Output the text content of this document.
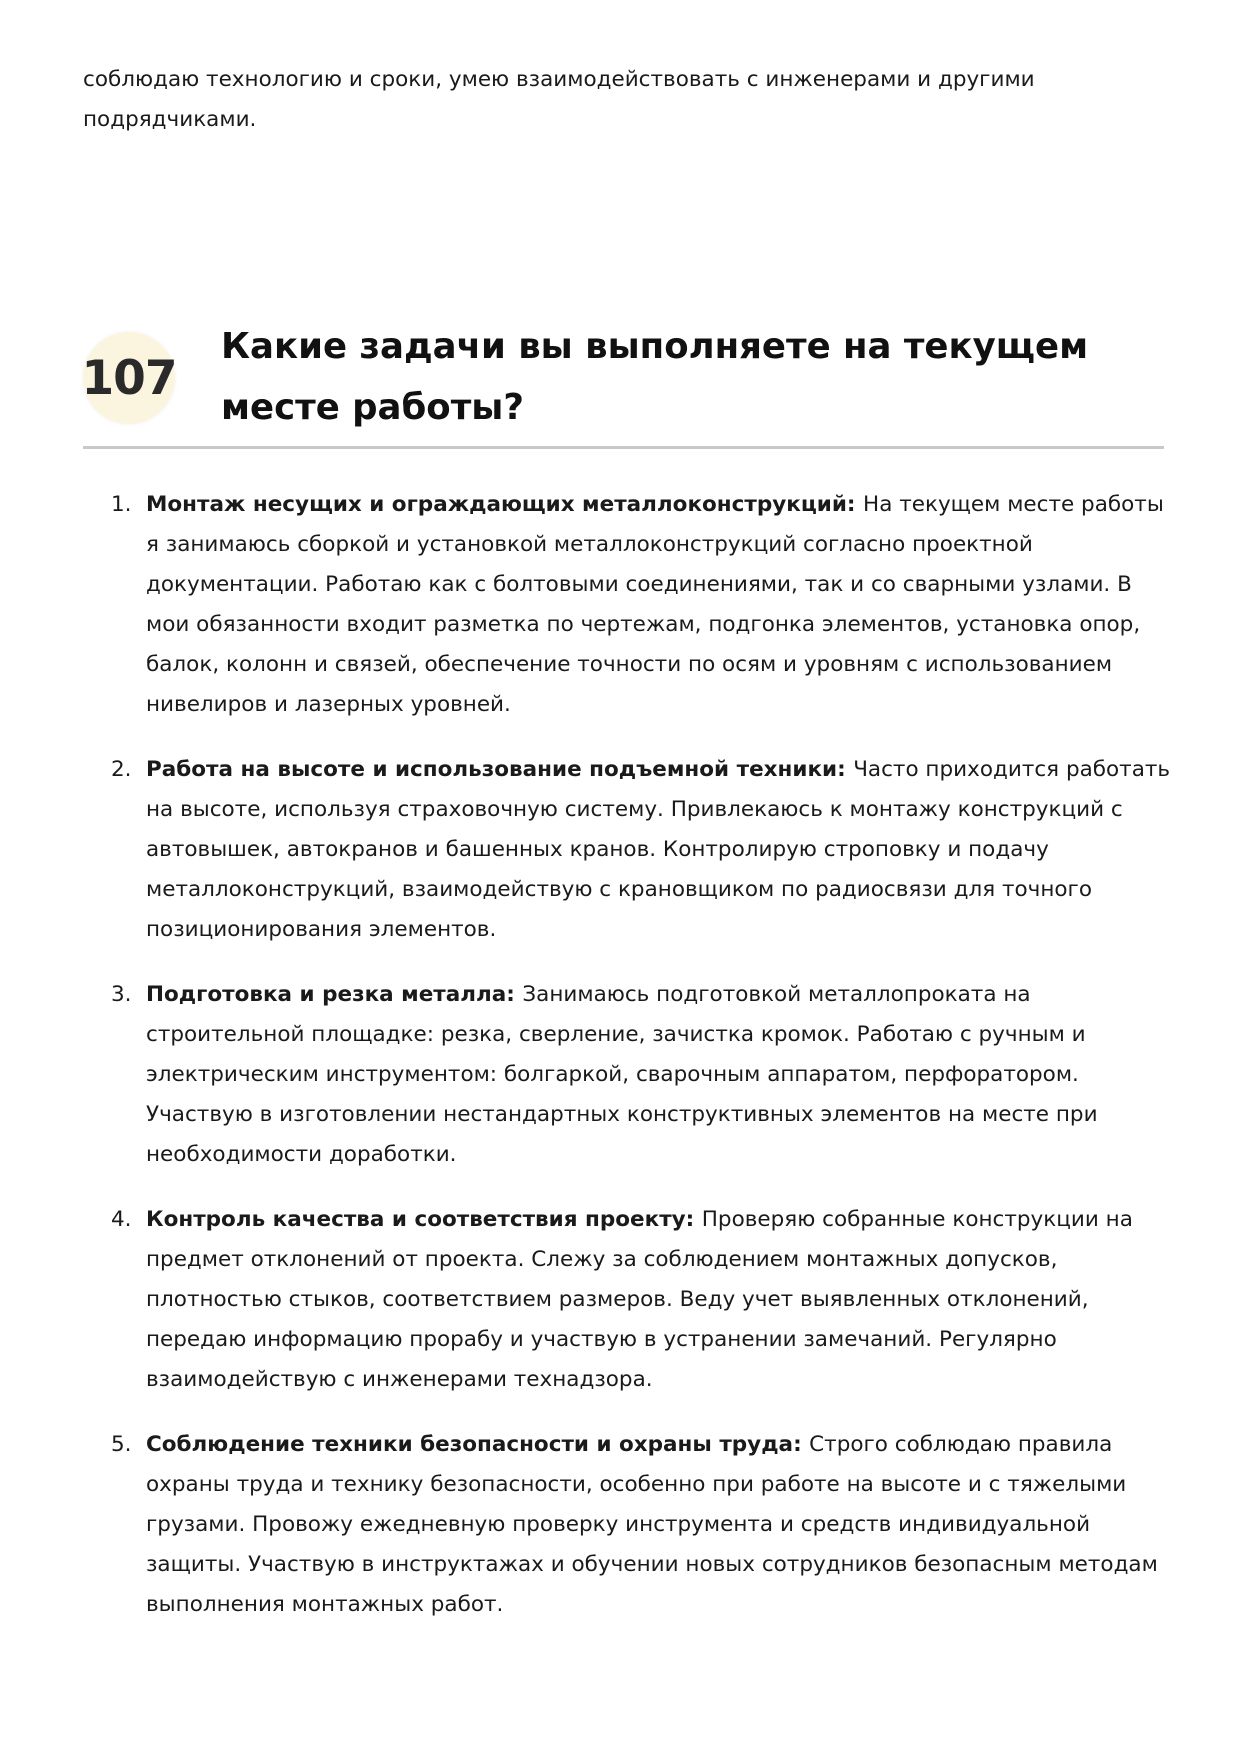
соблюдаю технологию и сроки, умею взаимодействовать с инженерами и другими подрядчиками.

107
Какие задачи вы выполняете на текущем месте работы?
1. Монтаж несущих и ограждающих металлоконструкций: На текущем месте работы я занимаюсь сборкой и установкой металлоконструкций согласно проектной документации. Работаю как с болтовыми соединениями, так и со сварными узлами. В мои обязанности входит разметка по чертежам, подгонка элементов, установка опор, балок, колонн и связей, обеспечение точности по осям и уровням с использованием нивелиров и лазерных уровней.
2. Работа на высоте и использование подъемной техники: Часто приходится работать на высоте, используя страховочную систему. Привлекаюсь к монтажу конструкций с автовышек, автокранов и башенных кранов. Контролирую строповку и подачу металлоконструкций, взаимодействую с крановщиком по радиосвязи для точного позиционирования элементов.
3. Подготовка и резка металла: Занимаюсь подготовкой металлопроката на строительной площадке: резка, сверление, зачистка кромок. Работаю с ручным и электрическим инструментом: болгаркой, сварочным аппаратом, перфоратором. Участвую в изготовлении нестандартных конструктивных элементов на месте при необходимости доработки.
4. Контроль качества и соответствия проекту: Проверяю собранные конструкции на предмет отклонений от проекта. Слежу за соблюдением монтажных допусков, плотностью стыков, соответствием размеров. Веду учет выявленных отклонений, передаю информацию прорабу и участвую в устранении замечаний. Регулярно взаимодействую с инженерами технадзора.
5. Соблюдение техники безопасности и охраны труда: Строго соблюдаю правила охраны труда и технику безопасности, особенно при работе на высоте и с тяжелыми грузами. Провожу ежедневную проверку инструмента и средств индивидуальной защиты. Участвую в инструктажах и обучении новых сотрудников безопасным методам выполнения монтажных работ.
